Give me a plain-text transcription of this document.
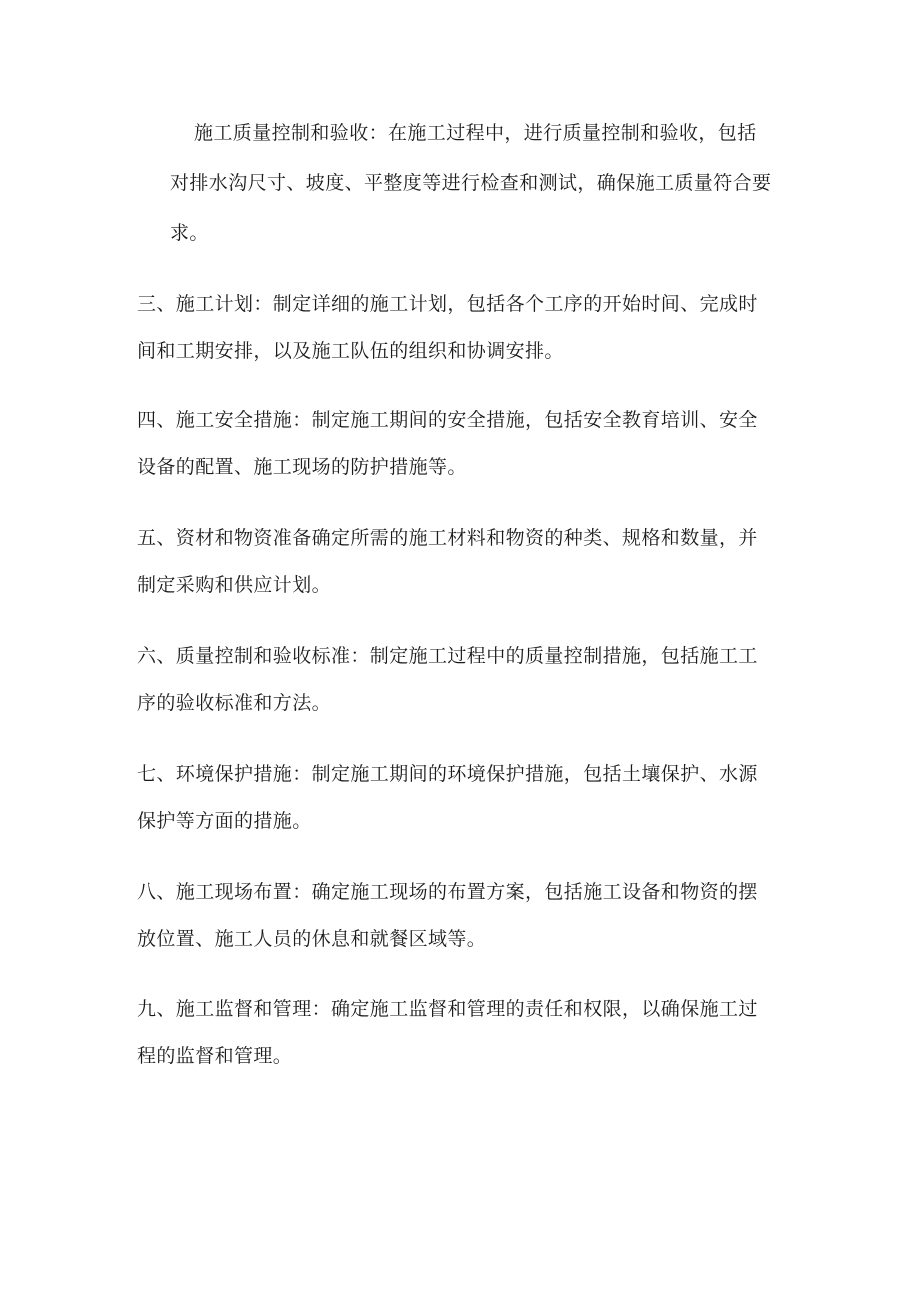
施工质量控制和验收：在施工过程中，进行质量控制和验收，包括
对排水沟尺寸、坡度、平整度等进行检查和测试，确保施工质量符合要
求。

三、施工计划：制定详细的施工计划，包括各个工序的开始时间、完成时
间和工期安排，以及施工队伍的组织和协调安排。

四、施工安全措施：制定施工期间的安全措施，包括安全教育培训、安全
设备的配置、施工现场的防护措施等。

五、资材和物资准备确定所需的施工材料和物资的种类、规格和数量，并
制定采购和供应计划。

六、质量控制和验收标准：制定施工过程中的质量控制措施，包括施工工
序的验收标准和方法。

七、环境保护措施：制定施工期间的环境保护措施，包括土壤保护、水源
保护等方面的措施。

八、施工现场布置：确定施工现场的布置方案，包括施工设备和物资的摆
放位置、施工人员的休息和就餐区域等。

九、施工监督和管理：确定施工监督和管理的责任和权限，以确保施工过
程的监督和管理。
